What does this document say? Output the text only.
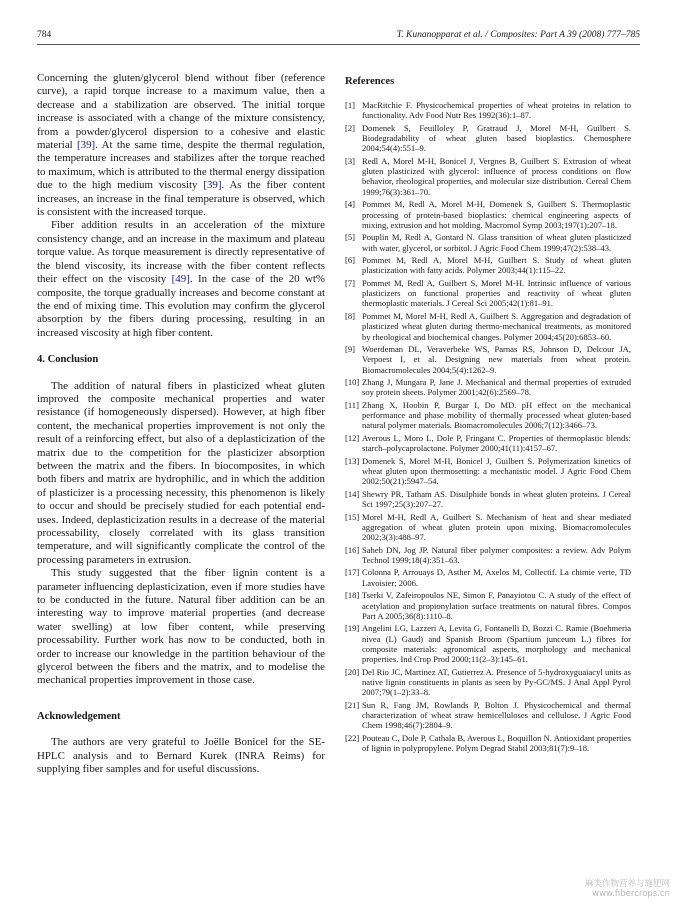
784	T. Kunanopparat et al. / Composites: Part A 39 (2008) 777–785

Concerning the gluten/glycerol blend without fiber (reference curve), a rapid torque increase to a maximum value, then a decrease and a stabilization are observed. The initial torque increase is associated with a change of the mixture consistency, from a powder/glycerol dispersion to a cohesive and elastic material [39]. At the same time, despite the thermal regulation, the temperature increases and stabilizes after the torque reached to maximum, which is attributed to the thermal energy dissipation due to the high medium viscosity [39]. As the fiber content increases, an increase in the final temperature is observed, which is consistent with the increased torque.

Fiber addition results in an acceleration of the mixture consistency change, and an increase in the maximum and plateau torque value. As torque measurement is directly representative of the blend viscosity, its increase with the fiber content reflects their effect on the viscosity [49]. In the case of the 20 wt% composite, the torque gradually increases and become constant at the end of mixing time. This evolution may confirm the glycerol absorption by the fibers during processing, resulting in an increased viscosity at high fiber content.

4. Conclusion

The addition of natural fibers in plasticized wheat gluten improved the composite mechanical properties and water resistance (if homogeneously dispersed). However, at high fiber content, the mechanical properties improvement is not only the result of a reinforcing effect, but also of a deplasticization of the matrix due to the competition for the plasticizer absorption between the matrix and the fibers. In biocomposites, in which both fibers and matrix are hydrophilic, and in which the addition of plasticizer is a processing necessity, this phenomenon is likely to occur and should be precisely studied for each potential end-uses. Indeed, deplasticization results in a decrease of the material processability, closely correlated with its glass transition temperature, and will significantly complicate the control of the processing parameters in extrusion.

This study suggested that the fiber lignin content is a parameter influencing deplasticization, even if more studies have to be conducted in the future. Natural fiber addition can be an interesting way to improve material properties (and decrease water swelling) at low fiber content, while preserving processability. Further work has now to be conducted, both in order to increase our knowledge in the partition behaviour of the glycerol between the fibers and the matrix, and to modelise the mechanical properties improvement in those case.

Acknowledgement

The authors are very grateful to Joëlle Bonicel for the SE-HPLC analysis and to Bernard Kurek (INRA Reims) for supplying fiber samples and for useful discussions.

References
[1] MacRitchie F. Physicochemical properties of wheat proteins in relation to functionality. Adv Food Nutr Res 1992(36):1–87.
[2] Domenek S, Feuilloley P, Gratraud J, Morel M-H, Guilbert S. Biodegradability of wheat gluten based bioplastics. Chemosphere 2004;54(4):551–9.
[3] Redl A, Morel M-H, Bonicel J, Vergnes B, Guilbert S. Extrusion of wheat gluten plasticized with glycerol: influence of process conditions on flow behavior, rheological properties, and molecular size distribution. Cereal Chem 1999;76(3):361–70.
[4] Pommet M, Redl A, Morel M-H, Domenek S, Guilbert S. Thermoplastic processing of protein-based bioplastics: chemical engineering aspects of mixing, extrusion and hot molding. Macromol Symp 2003;197(1):207–18.
[5] Pouplin M, Redl A, Gontard N. Glass transition of wheat gluten plasticized with water, glycerol, or sorbitol. J Agric Food Chem 1999;47(2):538–43.
[6] Pommet M, Redl A, Morel M-H, Guilbert S. Study of wheat gluten plasticization with fatty acids. Polymer 2003;44(1):115–22.
[7] Pommet M, Redl A, Guilbert S, Morel M-H. Intrinsic influence of various plasticizers on functional properties and reactivity of wheat gluten thermoplastic materials. J Cereal Sci 2005;42(1):81–91.
[8] Pommet M, Morel M-H, Redl A, Guilbert S. Aggregation and degradation of plasticized wheat gluten during thermo-mechanical treatments, as monitored by rheological and biochemical changes. Polymer 2004;45(20):6853–60.
[9] Woerdeman DL, Veraverbeke WS, Parnas RS, Johnson D, Delcour JA, Verpoest I, et al. Designing new materials from wheat protein. Biomacromolecules 2004;5(4):1262–9.
[10] Zhang J, Mungara P, Jane J. Mechanical and thermal properties of extruded soy protein sheets. Polymer 2001;42(6):2569–78.
[11] Zhang X, Hoobin P, Burgar I, Do MD. pH effect on the mechanical performance and phase mobility of thermally processed wheat gluten-based natural polymer materials. Biomacromolecules 2006;7(12):3466–73.
[12] Averous L, Moro L, Dole P, Fringant C. Properties of thermoplastic blends: starch–polycaprolactone. Polymer 2000;41(11):4157–67.
[13] Domenek S, Morel M-H, Bonicel J, Guilbert S. Polymerization kinetics of wheat gluten upon thermosetting: a mechanistic model. J Agric Food Chem 2002;50(21):5947–54.
[14] Shewry PR, Tatham AS. Disulphide bonds in wheat gluten proteins. J Cereal Sci 1997;25(3):207–27.
[15] Morel M-H, Redl A, Guilbert S. Mechanism of heat and shear mediated aggregation of wheat gluten protein upon mixing. Biomacromolecules 2002;3(3):488–97.
[16] Saheb DN, Jog JP. Natural fiber polymer composites: a review. Adv Polym Technol 1999;18(4):351–63.
[17] Colonna P, Arrouays D, Asther M, Axelos M, Collectif. La chimie verte, TD Lavoisier; 2006.
[18] Tserki V, Zafeiropoulos NE, Simon F, Panayiotou C. A study of the effect of acetylation and propionylation surface treatments on natural fibres. Compos Part A 2005;36(8):1110–8.
[19] Angelini LG, Lazzeri A, Levita G, Fontanelli D, Bozzi C. Ramie (Boehmeria nivea (L) Gaud) and Spanish Broom (Spartium junceum L.) fibres for composite materials: agronomical aspects, morphology and mechanical properties. Ind Crop Prod 2000;11(2–3):145–61.
[20] Del Rio JC, Martinez AT, Gutierrez A. Presence of 5-hydroxyguaiacyl units as native lignin constituents in plants as seen by Py-GC/MS. J Anal Appl Pyrol 2007;79(1–2):33–8.
[21] Sun R, Fang JM, Rowlands P, Bolton J. Physicochemical and thermal characterization of wheat straw hemicelluloses and cellulose. J Agric Food Chem 1998;46(7):2804–9.
[22] Pouteau C, Dole P, Cathala B, Averous L, Boquillon N. Antioxidant properties of lignin in polypropylene. Polym Degrad Stabil 2003;81(7):9–18.
麻类作物营养与施肥网
www.fibercrops.cn
